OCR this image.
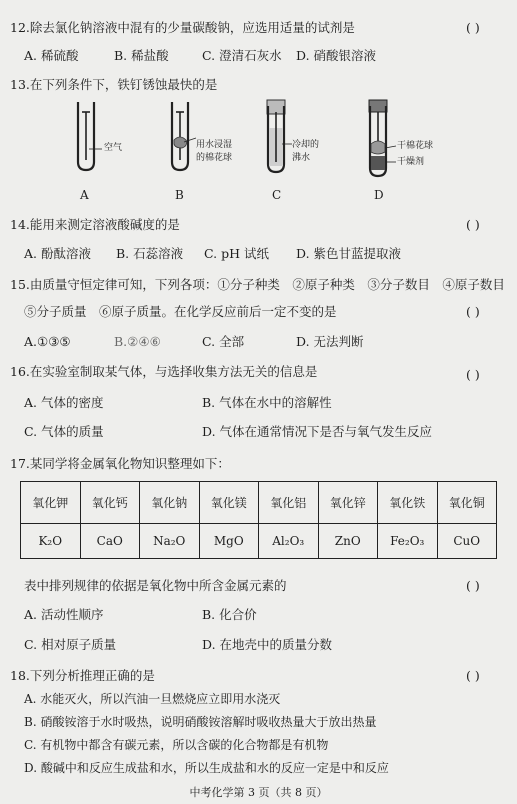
12.除去氯化钠溶液中混有的少量碳酸钠，应选用适量的试剂是	( )
A. 稀硫酸	B. 稀盐酸	C. 澄清石灰水 D. 硝酸银溶液
13.在下列条件下，铁钉锈蚀最快的是
空气	用水浸湿
的棉花球
冷却的
沸水
干棉花球
干燥剂
A	B	C	D
14.能用来测定溶液酸碱度的是	( )
A. 酚酞溶液 B. 石蕊溶液 C. pH 试纸 D. 紫色甘蓝提取液
15.由质量守恒定律可知，下列各项：①分子种类　②原子种类　③分子数目　④原子数目
⑤分子质量　⑥原子质量。在化学反应前后一定不变的是	( )
A.①③⑤	B.②④⑥	C. 全部	D. 无法判断
16.在实验室制取某气体，与选择收集方法无关的信息是	( )
A. 气体的密度	B. 气体在水中的溶解性
C. 气体的质量	D. 气体在通常情况下是否与氧气发生反应
17.某同学将金属氧化物知识整理如下：
氧化钾	氧化钙	氧化钠	氧化镁	氧化铝	氧化锌	氧化铁	氧化铜
K₂O	CaO	Na₂O	MgO	Al₂O₃	ZnO	Fe₂O₃	CuO
表中排列规律的依据是氧化物中所含金属元素的	( )
A. 活动性顺序	B. 化合价
C. 相对原子质量	D. 在地壳中的质量分数
18.下列分析推理正确的是	( )
A. 水能灭火，所以汽油一旦燃烧应立即用水浇灭
B. 硝酸铵溶于水时吸热，说明硝酸铵溶解时吸收热量大于放出热量
C. 有机物中都含有碳元素，所以含碳的化合物都是有机物
D. 酸碱中和反应生成盐和水，所以生成盐和水的反应一定是中和反应
中考化学第 3 页（共 8 页）
